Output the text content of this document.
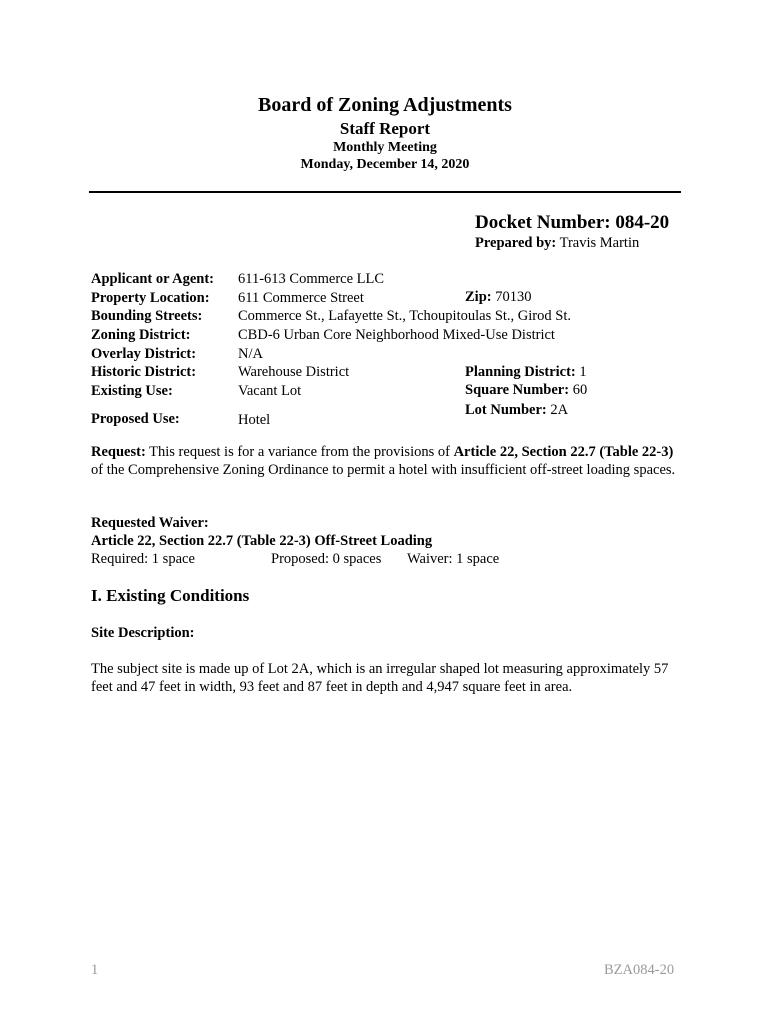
Board of Zoning Adjustments
Staff Report
Monthly Meeting
Monday, December 14, 2020
Docket Number: 084-20
Prepared by: Travis Martin
Applicant or Agent: 611-613 Commerce LLC
Property Location: 611 Commerce Street	Zip: 70130
Bounding Streets: Commerce St., Lafayette St., Tchoupitoulas St., Girod St.
Zoning District:	CBD-6 Urban Core Neighborhood Mixed-Use District
Overlay District:	N/A
Historic District:	Warehouse District	Planning District: 1
Existing Use:	Vacant Lot	Square Number: 60
Lot Number: 2A
Proposed Use:	Hotel
Request: This request is for a variance from the provisions of Article 22, Section 22.7 (Table 22-3) of the Comprehensive Zoning Ordinance to permit a hotel with insufficient off-street loading spaces.
Requested Waiver:
Article 22, Section 22.7 (Table 22-3) Off-Street Loading
Required: 1 space	Proposed: 0 spaces Waiver: 1 space
I. Existing Conditions
Site Description:
The subject site is made up of Lot 2A, which is an irregular shaped lot measuring approximately 57 feet and 47 feet in width, 93 feet and 87 feet in depth and 4,947 square feet in area.
1	BZA084-20
